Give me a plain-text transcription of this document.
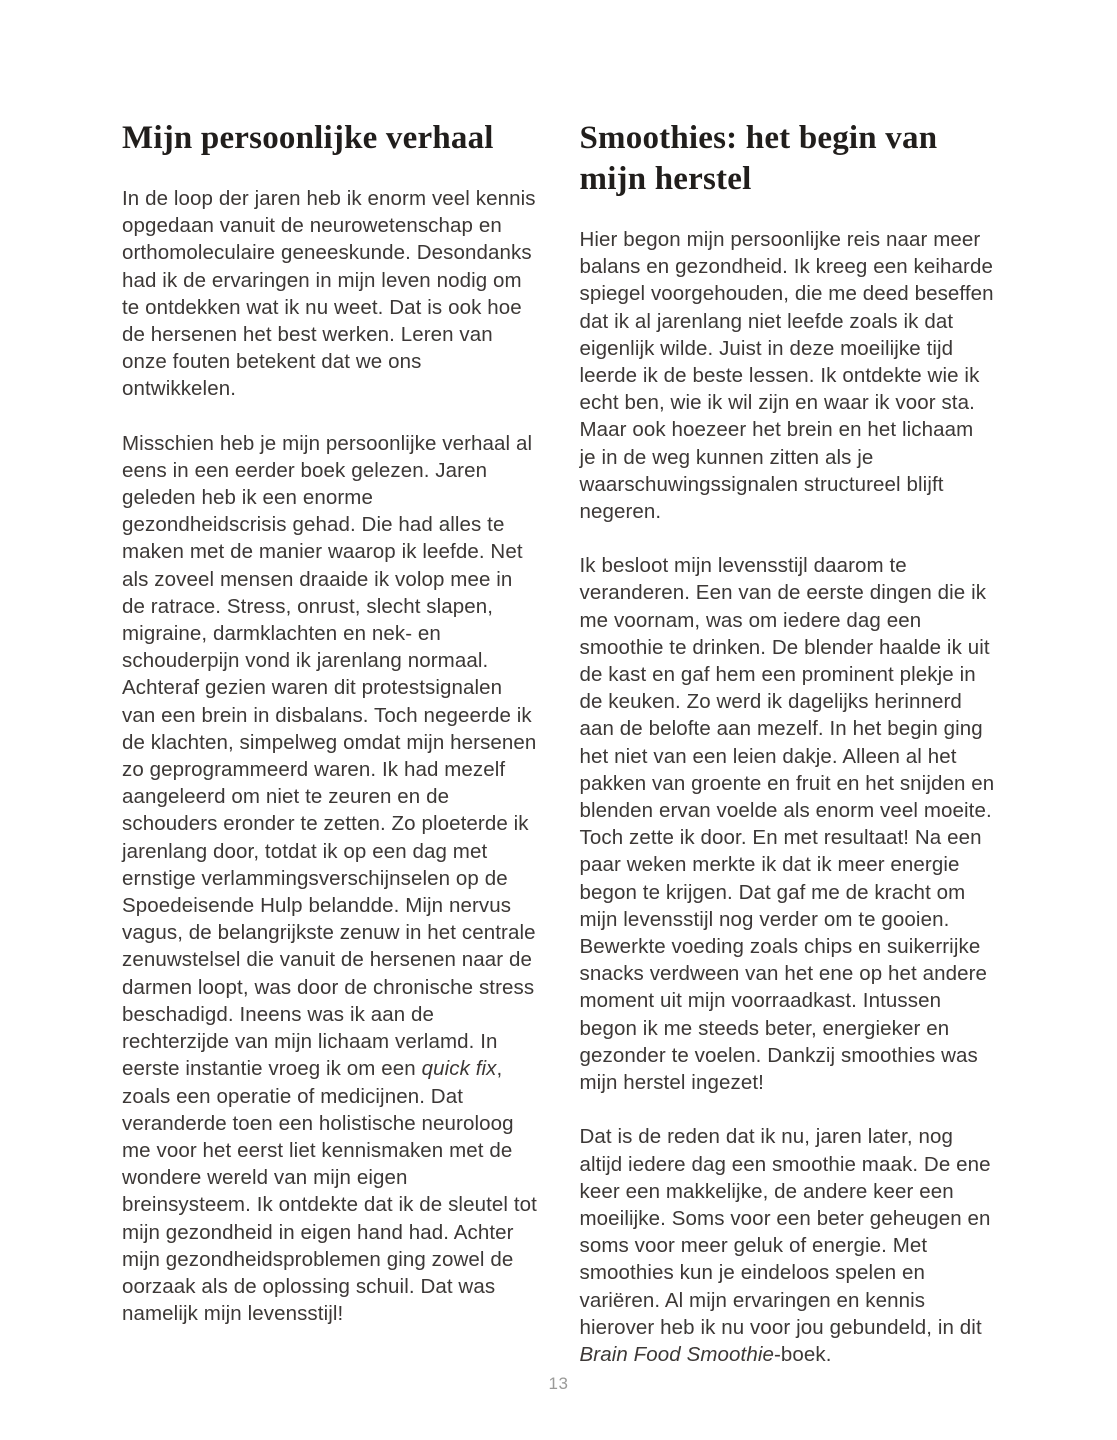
Mijn persoonlijke verhaal

In de loop der jaren heb ik enorm veel kennis opgedaan vanuit de neurowetenschap en orthomoleculaire geneeskunde. Desondanks had ik de ervaringen in mijn leven nodig om te ontdekken wat ik nu weet. Dat is ook hoe de hersenen het best werken. Leren van onze fouten betekent dat we ons ontwikkelen.

Misschien heb je mijn persoonlijke verhaal al eens in een eerder boek gelezen. Jaren geleden heb ik een enorme gezondheidscrisis gehad. Die had alles te maken met de manier waarop ik leefde. Net als zoveel mensen draaide ik volop mee in de ratrace. Stress, onrust, slecht slapen, migraine, darmklachten en nek- en schouderpijn vond ik jarenlang normaal. Achteraf gezien waren dit protestsignalen van een brein in disbalans. Toch negeerde ik de klachten, simpelweg omdat mijn hersenen zo geprogrammeerd waren. Ik had mezelf aangeleerd om niet te zeuren en de schouders eronder te zetten. Zo ploeterde ik jarenlang door, totdat ik op een dag met ernstige verlammingsverschijnselen op de Spoedeisende Hulp belandde. Mijn nervus vagus, de belangrijkste zenuw in het centrale zenuwstelsel die vanuit de hersenen naar de darmen loopt, was door de chronische stress beschadigd. Ineens was ik aan de rechterzijde van mijn lichaam verlamd. In eerste instantie vroeg ik om een quick fix, zoals een operatie of medicijnen. Dat veranderde toen een holistische neuroloog me voor het eerst liet kennismaken met de wondere wereld van mijn eigen breinsysteem. Ik ontdekte dat ik de sleutel tot mijn gezondheid in eigen hand had. Achter mijn gezondheidsproblemen ging zowel de oorzaak als de oplossing schuil. Dat was namelijk mijn levensstijl!

Smoothies: het begin van mijn herstel

Hier begon mijn persoonlijke reis naar meer balans en gezondheid. Ik kreeg een keiharde spiegel voorgehouden, die me deed beseffen dat ik al jarenlang niet leefde zoals ik dat eigenlijk wilde. Juist in deze moeilijke tijd leerde ik de beste lessen. Ik ontdekte wie ik echt ben, wie ik wil zijn en waar ik voor sta. Maar ook hoezeer het brein en het lichaam je in de weg kunnen zitten als je waarschuwingssignalen structureel blijft negeren.

Ik besloot mijn levensstijl daarom te veranderen. Een van de eerste dingen die ik me voornam, was om iedere dag een smoothie te drinken. De blender haalde ik uit de kast en gaf hem een prominent plekje in de keuken. Zo werd ik dagelijks herinnerd aan de belofte aan mezelf. In het begin ging het niet van een leien dakje. Alleen al het pakken van groente en fruit en het snijden en blenden ervan voelde als enorm veel moeite. Toch zette ik door. En met resultaat! Na een paar weken merkte ik dat ik meer energie begon te krijgen. Dat gaf me de kracht om mijn levensstijl nog verder om te gooien. Bewerkte voeding zoals chips en suikerrijke snacks verdween van het ene op het andere moment uit mijn voorraadkast. Intussen begon ik me steeds beter, energieker en gezonder te voelen. Dankzij smoothies was mijn herstel ingezet!

Dat is de reden dat ik nu, jaren later, nog altijd iedere dag een smoothie maak. De ene keer een makkelijke, de andere keer een moeilijke. Soms voor een beter geheugen en soms voor meer geluk of energie. Met smoothies kun je eindeloos spelen en variëren. Al mijn ervaringen en kennis hierover heb ik nu voor jou gebundeld, in dit Brain Food Smoothie-boek.

13
